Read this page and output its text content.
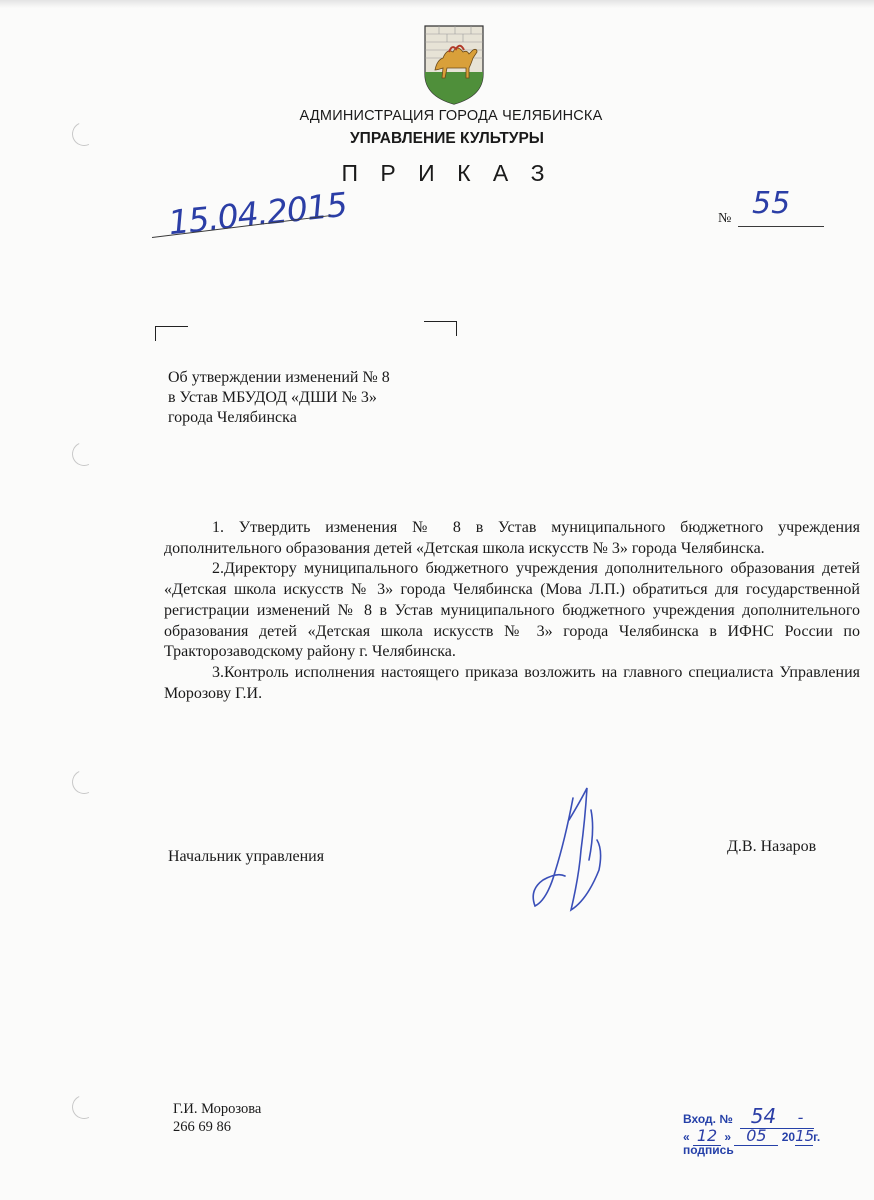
АДМИНИСТРАЦИЯ ГОРОДА ЧЕЛЯБИНСКА
УПРАВЛЕНИЕ КУЛЬТУРЫ
П Р И К А З
15.04.2015	№ 55
Об утверждении изменений № 8
в Устав МБУДОД «ДШИ № 3»
города Челябинска

1. Утвердить изменения № 8 в Устав муниципального бюджетного учреждения дополнительного образования детей «Детская школа искусств № 3» города Челябинска.

2.Директору муниципального бюджетного учреждения дополнительного образования детей «Детская школа искусств № 3» города Челябинска (Мова Л.П.) обратиться для государственной регистрации изменений № 8 в Устав муниципального бюджетного учреждения дополнительного образования детей «Детская школа искусств № 3» города Челябинска в ИФНС России по Тракторозаводскому району г. Челябинска.

3.Контроль исполнения настоящего приказа возложить на главного специалиста Управления Морозову Г.И.

Начальник управления
Д.В. Назаров
Г.И. Морозова
266 69 86	Вход. № 54 -
« 12 » 05 2015г.
подпись
